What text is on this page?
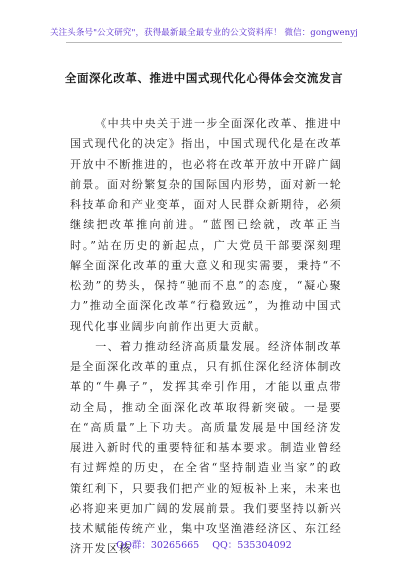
关注头条号"公文研究"，获得最新最全最专业的公文资料库！ 微信：gongwenyj
全面深化改革、推进中国式现代化心得体会交流发言

《中共中央关于进一步全面深化改革、推进中国式现代化的决定》指出，中国式现代化是在改革开放中不断推进的，也必将在改革开放中开辟广阔前景。面对纷繁复杂的国际国内形势，面对新一轮科技革命和产业变革，面对人民群众新期待，必须继续把改革推向前进。“蓝图已绘就，改革正当时。”站在历史的新起点，广大党员干部要深刻理解全面深化改革的重大意义和现实需要，秉持“不松劲”的势头，保持“驰而不息”的态度，“凝心聚力”推动全面深化改革“行稳致远”，为推动中国式现代化事业阔步向前作出更大贡献。

一、着力推动经济高质量发展。经济体制改革是全面深化改革的重点，只有抓住深化经济体制改革的“牛鼻子”，发挥其牵引作用，才能以重点带动全局，推动全面深化改革取得新突破。一是要在“高质量”上下功夫。高质量发展是中国经济发展进入新时代的重要特征和基本要求。制造业曾经有过辉煌的历史，在全省“坚持制造业当家”的政策红利下，只要我们把产业的短板补上来，未来也必将迎来更加广阔的发展前景。我们要坚持以新兴技术赋能传统产业，集中攻坚渔港经济区、东江经济开发区核

QQ群：30265665 QQ：535304092
